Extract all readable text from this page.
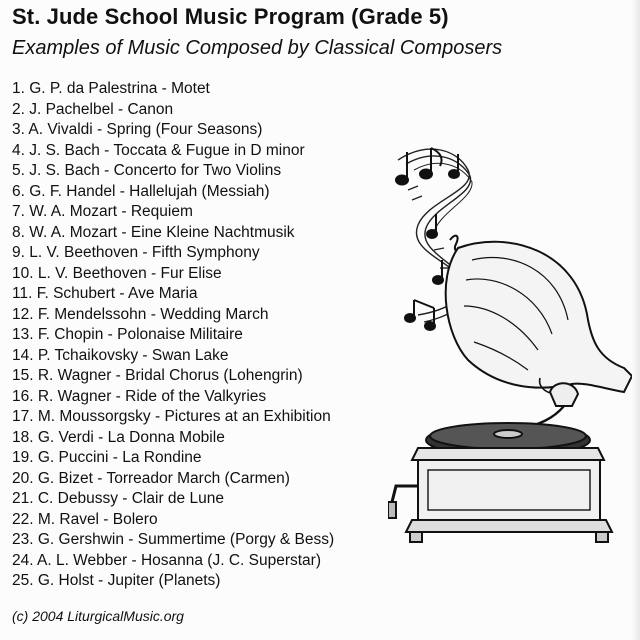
St. Jude School Music Program (Grade 5)
Examples of Music Composed by Classical Composers
1. G. P. da Palestrina - Motet
2. J. Pachelbel - Canon
3. A. Vivaldi - Spring (Four Seasons)
4. J. S. Bach - Toccata & Fugue in D minor
5. J. S. Bach - Concerto for Two Violins
6. G. F. Handel - Hallelujah (Messiah)
7. W. A. Mozart - Requiem
8. W. A. Mozart - Eine Kleine Nachtmusik
9. L. V. Beethoven - Fifth Symphony
10. L. V. Beethoven - Fur Elise
11. F. Schubert - Ave Maria
12. F. Mendelssohn - Wedding March
13. F. Chopin - Polonaise Militaire
14. P. Tchaikovsky - Swan Lake
15. R. Wagner - Bridal Chorus (Lohengrin)
16. R. Wagner - Ride of the Valkyries
17. M. Moussorgsky - Pictures at an Exhibition
18. G. Verdi - La Donna Mobile
19. G. Puccini - La Rondine
20. G. Bizet - Torreador March (Carmen)
21. C. Debussy - Clair de Lune
22. M. Ravel - Bolero
23. G. Gershwin - Summertime (Porgy & Bess)
24. A. L. Webber - Hosanna (J. C. Superstar)
25. G. Holst - Jupiter (Planets)
(c) 2004 LiturgicalMusic.org
